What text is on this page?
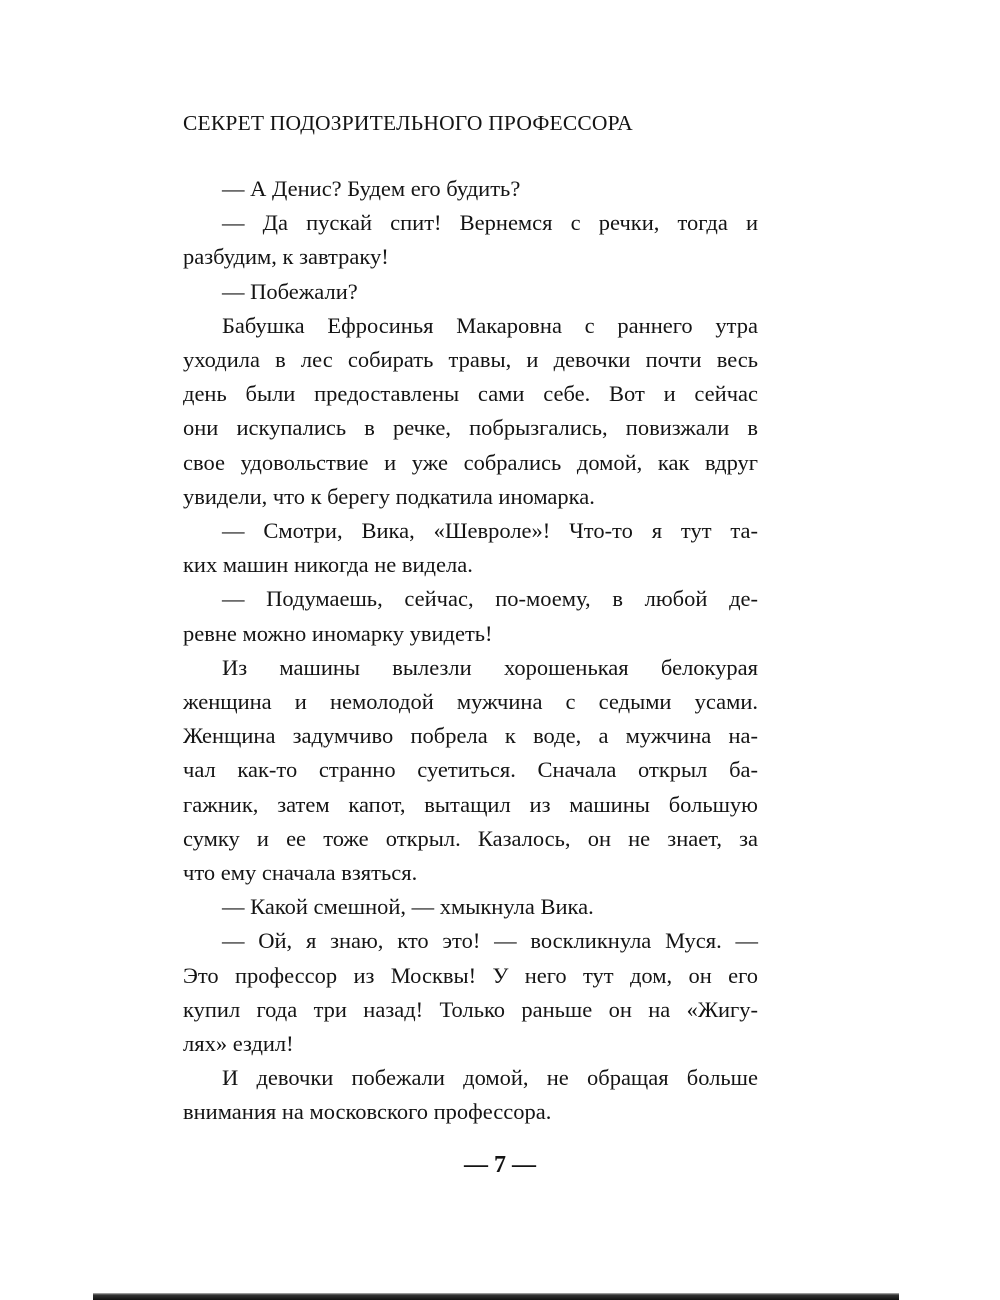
СЕКРЕТ ПОДОЗРИТЕЛЬНОГО ПРОФЕССОРА
— А Денис? Будем его будить?
— Да пускай спит! Вернемся с речки, тогда и
разбудим, к завтраку!
— Побежали?
Бабушка Ефросинья Макаровна с раннего утра
уходила в лес собирать травы, и девочки почти весь
день были предоставлены сами себе. Вот и сейчас
они искупались в речке, побрызгались, повизжали в
свое удовольствие и уже собрались домой, как вдруг
увидели, что к берегу подкатила иномарка.
— Смотри, Вика, «Шевроле»! Что-то я тут та-
ких машин никогда не видела.
— Подумаешь, сейчас, по-моему, в любой де-
ревне можно иномарку увидеть!
Из машины вылезли хорошенькая белокурая
женщина и немолодой мужчина с седыми усами.
Женщина задумчиво побрела к воде, а мужчина на-
чал как-то странно суетиться. Сначала открыл ба-
гажник, затем капот, вытащил из машины большую
сумку и ее тоже открыл. Казалось, он не знает, за
что ему сначала взяться.
— Какой смешной, — хмыкнула Вика.
— Ой, я знаю, кто это! — воскликнула Муся. —
Это профессор из Москвы! У него тут дом, он его
купил года три назад! Только раньше он на «Жигу-
лях» ездил!
И девочки побежали домой, не обращая больше
внимания на московского профессора.
— 7 —
